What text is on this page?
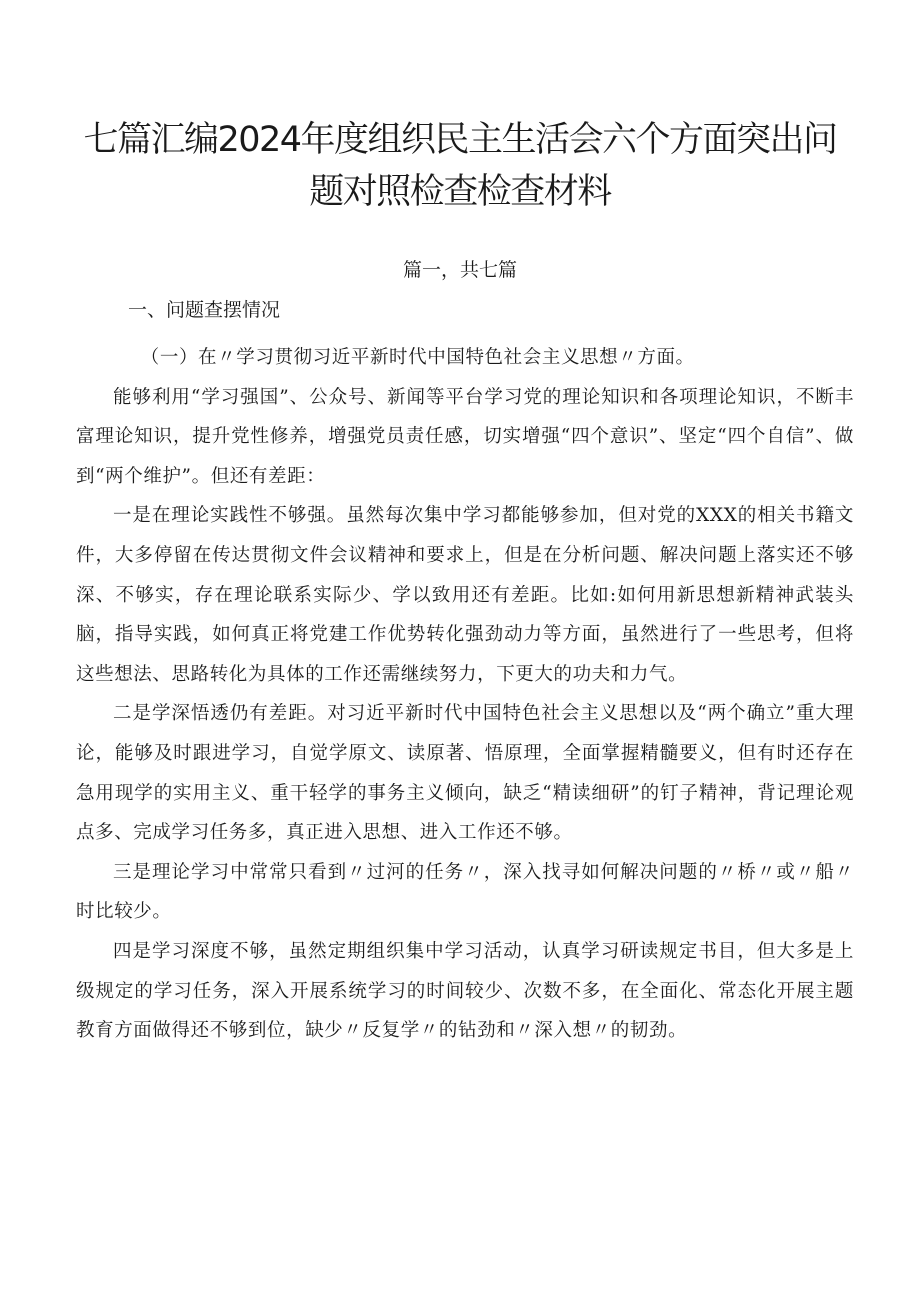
七篇汇编2024年度组织民主生活会六个方面突出问题对照检查检查材料
篇一，共七篇
一、问题查摆情况

（一）在〃学习贯彻习近平新时代中国特色社会主义思想〃方面。

能够利用“学习强国”、公众号、新闻等平台学习党的理论知识和各项理论知识，不断丰富理论知识，提升党性修养，增强党员责任感，切实增强“四个意识”、坚定“四个自信”、做到“两个维护”。但还有差距：

一是在理论实践性不够强。虽然每次集中学习都能够参加，但对党的XXX的相关书籍文件，大多停留在传达贯彻文件会议精神和要求上，但是在分析问题、解决问题上落实还不够深、不够实，存在理论联系实际少、学以致用还有差距。比如:如何用新思想新精神武装头脑，指导实践，如何真正将党建工作优势转化强劲动力等方面，虽然进行了一些思考，但将这些想法、思路转化为具体的工作还需继续努力，下更大的功夫和力气。

二是学深悟透仍有差距。对习近平新时代中国特色社会主义思想以及“两个确立”重大理论，能够及时跟进学习，自觉学原文、读原著、悟原理，全面掌握精髓要义，但有时还存在急用现学的实用主义、重干轻学的事务主义倾向，缺乏“精读细研”的钉子精神，背记理论观点多、完成学习任务多，真正进入思想、进入工作还不够。

三是理论学习中常常只看到〃过河的任务〃，深入找寻如何解决问题的〃桥〃或〃船〃时比较少。

四是学习深度不够，虽然定期组织集中学习活动，认真学习研读规定书目，但大多是上级规定的学习任务，深入开展系统学习的时间较少、次数不多，在全面化、常态化开展主题教育方面做得还不够到位，缺少〃反复学〃的钻劲和〃深入想〃的韧劲。
